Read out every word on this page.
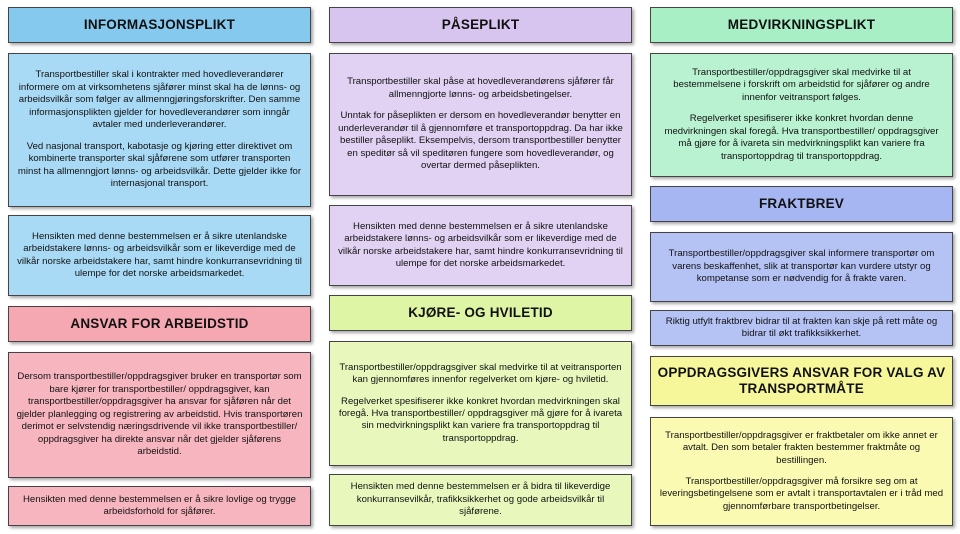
INFORMASJONSPLIKT

Transportbestiller skal i kontrakter med hovedleverandører informere om at virksomhetens sjåfører minst skal ha de lønns- og arbeidsvilkår som følger av allmenngjøringsforskrifter. Den samme informasjonsplikten gjelder for hovedleverandører som inngår avtaler med underleverandører.

Ved nasjonal transport, kabotasje og kjøring etter direktivet om kombinerte transporter skal sjåførene som utfører transporten minst ha allmenngjort lønns- og arbeidsvilkår. Dette gjelder ikke for internasjonal transport.

Hensikten med denne bestemmelsen er å sikre utenlandske arbeidstakere lønns- og arbeidsvilkår som er likeverdige med de vilkår norske arbeidstakere har, samt hindre konkurransevridning til ulempe for det norske arbeidsmarkedet.

ANSVAR FOR ARBEIDSTID

Dersom transportbestiller/oppdragsgiver bruker en transportør som bare kjører for transportbestiller/ oppdragsgiver, kan transportbestiller/oppdragsgiver ha ansvar for sjåføren når det gjelder planlegging og registrering av arbeidstid. Hvis transportøren derimot er selvstendig næringsdrivende vil ikke transportbestiller/ oppdragsgiver ha direkte ansvar når det gjelder sjåførens arbeidstid.

Hensikten med denne bestemmelsen er å sikre lovlige og trygge arbeidsforhold for sjåfører.

PÅSEPLIKT

Transportbestiller skal påse at hovedleverandørens sjåfører får allmenngjorte lønns- og arbeidsbetingelser.

Unntak for påseplikten er dersom en hovedleverandør benytter en underleverandør til å gjennomføre et transportoppdrag. Da har ikke bestiller påseplikt. Eksempelvis, dersom transportbestiller benytter en speditør så vil speditøren fungere som hovedleverandør, og overtar dermed påseplikten.

Hensikten med denne bestemmelsen er å sikre utenlandske arbeidstakere lønns- og arbeidsvilkår som er likeverdige med de vilkår norske arbeidstakere har, samt hindre konkurransevridning til ulempe for det norske arbeidsmarkedet.

KJØRE- OG HVILETID

Transportbestiller/oppdragsgiver skal medvirke til at veitransporten kan gjennomføres innenfor regelverket om kjøre- og hviletid.

Regelverket spesifiserer ikke konkret hvordan medvirkningen skal foregå. Hva transportbestiller/ oppdragsgiver må gjøre for å ivareta sin medvirkningsplikt kan variere fra transportoppdrag til transportoppdrag.

Hensikten med denne bestemmelsen er å bidra til likeverdige konkurransevilkår, trafikksikkerhet og gode arbeidsvilkår til sjåførene.

MEDVIRKNINGSPLIKT

Transportbestiller/oppdragsgiver skal medvirke til at bestemmelsene i forskrift om arbeidstid for sjåfører og andre innenfor veitransport følges.

Regelverket spesifiserer ikke konkret hvordan denne medvirkningen skal foregå. Hva transportbestiller/ oppdragsgiver må gjøre for å ivareta sin medvirkningsplikt kan variere fra transportoppdrag til transportoppdrag.

FRAKTBREV

Transportbestiller/oppdragsgiver skal informere transportør om varens beskaffenhet, slik at transportør kan vurdere utstyr og kompetanse som er nødvendig for å frakte varen.

Riktig utfylt fraktbrev bidrar til at frakten kan skje på rett måte og bidrar til økt trafikksikkerhet.

OPPDRAGSGIVERS ANSVAR FOR VALG AV TRANSPORTMÅTE

Transportbestiller/oppdragsgiver er fraktbetaler om ikke annet er avtalt. Den som betaler frakten bestemmer fraktmåte og bestillingen.

Transportbestiller/oppdragsgiver må forsikre seg om at leveringsbetingelsene som er avtalt i transportavtalen er i tråd med gjennomførbare transportbetingelser.
